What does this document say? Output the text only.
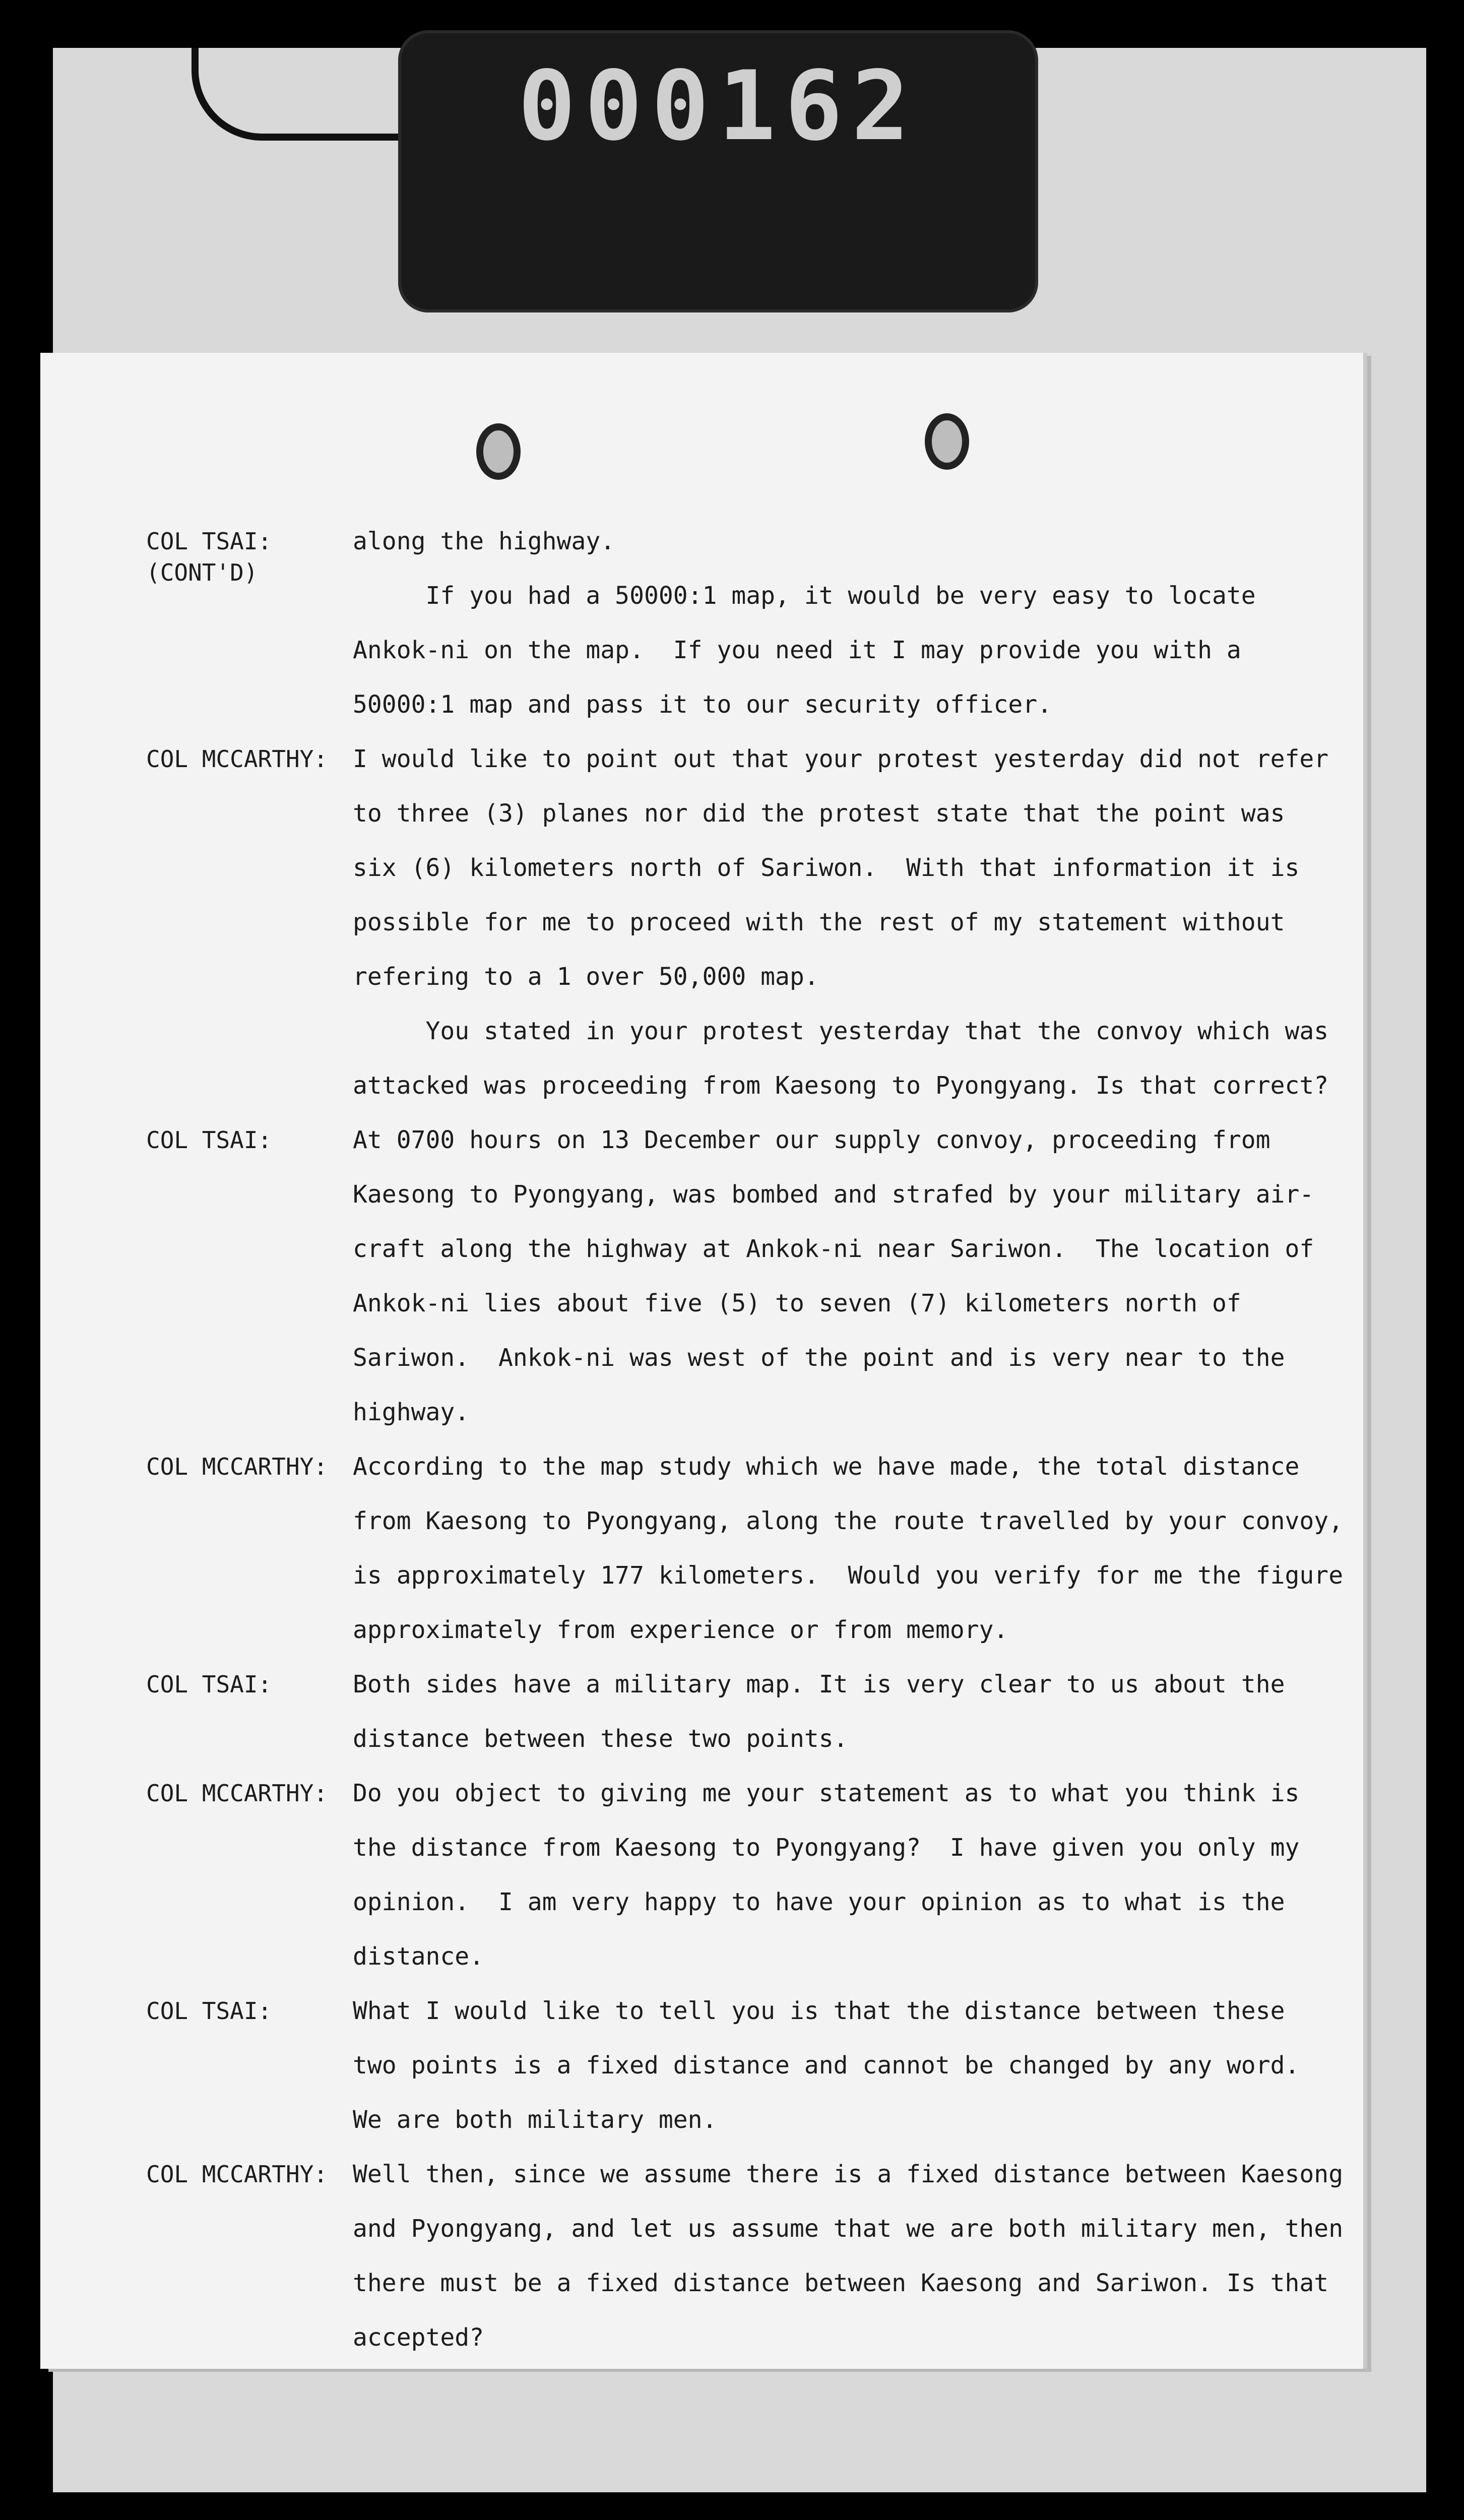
000162
COL TSAI:
(CONT'D)
along the highway.
If you had a 50000:1 map, it would be very easy to locate
Ankok-ni on the map.  If you need it I may provide you with a
50000:1 map and pass it to our security officer.
COL MCCARTHY:	I would like to point out that your protest yesterday did not refer
to three (3) planes nor did the protest state that the point was
six (6) kilometers north of Sariwon.  With that information it is
possible for me to proceed with the rest of my statement without
refering to a 1 over 50,000 map.
You stated in your protest yesterday that the convoy which was
attacked was proceeding from Kaesong to Pyongyang. Is that correct?
COL TSAI:	At 0700 hours on 13 December our supply convoy, proceeding from
Kaesong to Pyongyang, was bombed and strafed by your military air-
craft along the highway at Ankok-ni near Sariwon.  The location of
Ankok-ni lies about five (5) to seven (7) kilometers north of
Sariwon.  Ankok-ni was west of the point and is very near to the
highway.
COL MCCARTHY:	According to the map study which we have made, the total distance
from Kaesong to Pyongyang, along the route travelled by your convoy,
is approximately 177 kilometers.  Would you verify for me the figure
approximately from experience or from memory.
COL TSAI:	Both sides have a military map. It is very clear to us about the
distance between these two points.
COL MCCARTHY:	Do you object to giving me your statement as to what you think is
the distance from Kaesong to Pyongyang?  I have given you only my
opinion.  I am very happy to have your opinion as to what is the
distance.
COL TSAI:	What I would like to tell you is that the distance between these
two points is a fixed distance and cannot be changed by any word.
We are both military men.
COL MCCARTHY:	Well then, since we assume there is a fixed distance between Kaesong
and Pyongyang, and let us assume that we are both military men, then
there must be a fixed distance between Kaesong and Sariwon. Is that
accepted?
